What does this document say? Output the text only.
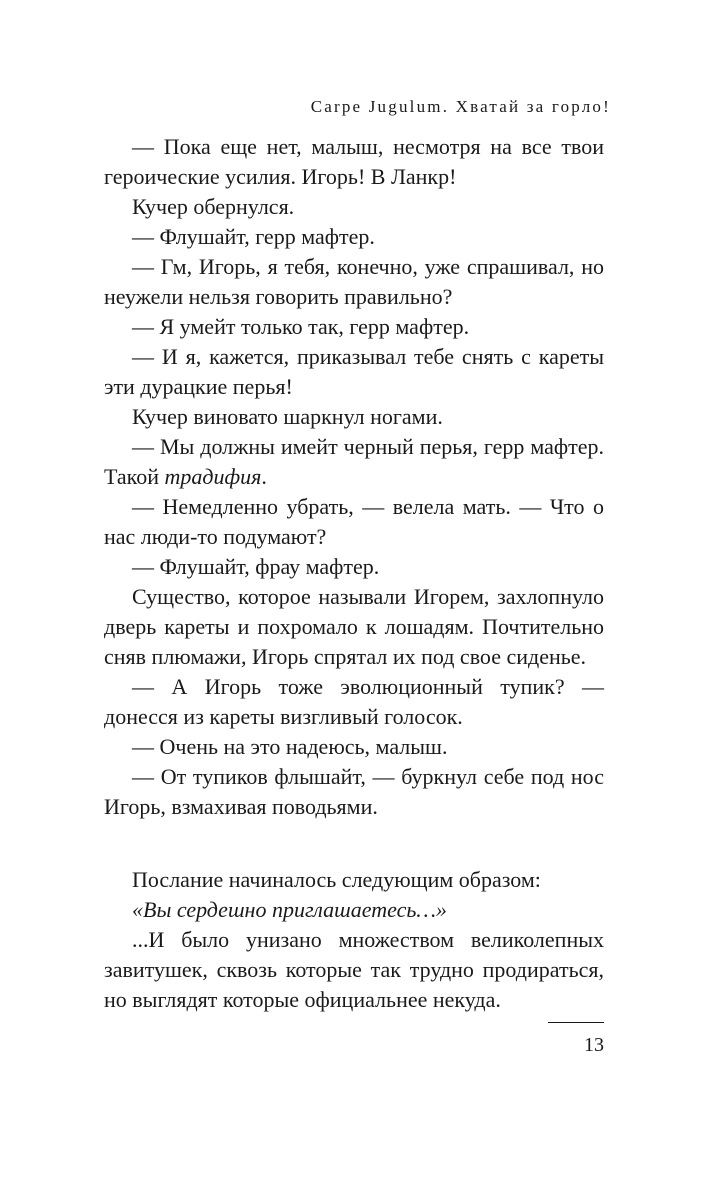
Carpe Jugulum. Хватай за горло!

— Пока еще нет, малыш, несмотря на все твои героические усилия. Игорь! В Ланкр!

Кучер обернулся.

— Флушайт, герр мафтер.

— Гм, Игорь, я тебя, конечно, уже спрашивал, но неужели нельзя говорить правильно?

— Я умейт только так, герр мафтер.

— И я, кажется, приказывал тебе снять с кареты эти дурацкие перья!

Кучер виновато шаркнул ногами.

— Мы должны имейт черный перья, герр мафтер. Такой традифия.

— Немедленно убрать, — велела мать. — Что о нас люди-то подумают?

— Флушайт, фрау мафтер.

Существо, которое называли Игорем, захлопнуло дверь кареты и похромало к лошадям. Почтительно сняв плюмажи, Игорь спрятал их под свое сиденье.

— А Игорь тоже эволюционный тупик? — донесся из кареты визгливый голосок.

— Очень на это надеюсь, малыш.

— От тупиков флышайт, — буркнул себе под нос Игорь, взмахивая поводьями.

Послание начиналось следующим образом:

«Вы сердешно приглашаетесь…»

...И было унизано множеством великолепных завитушек, сквозь которые так трудно продираться, но выглядят которые официальнее некуда.

13
